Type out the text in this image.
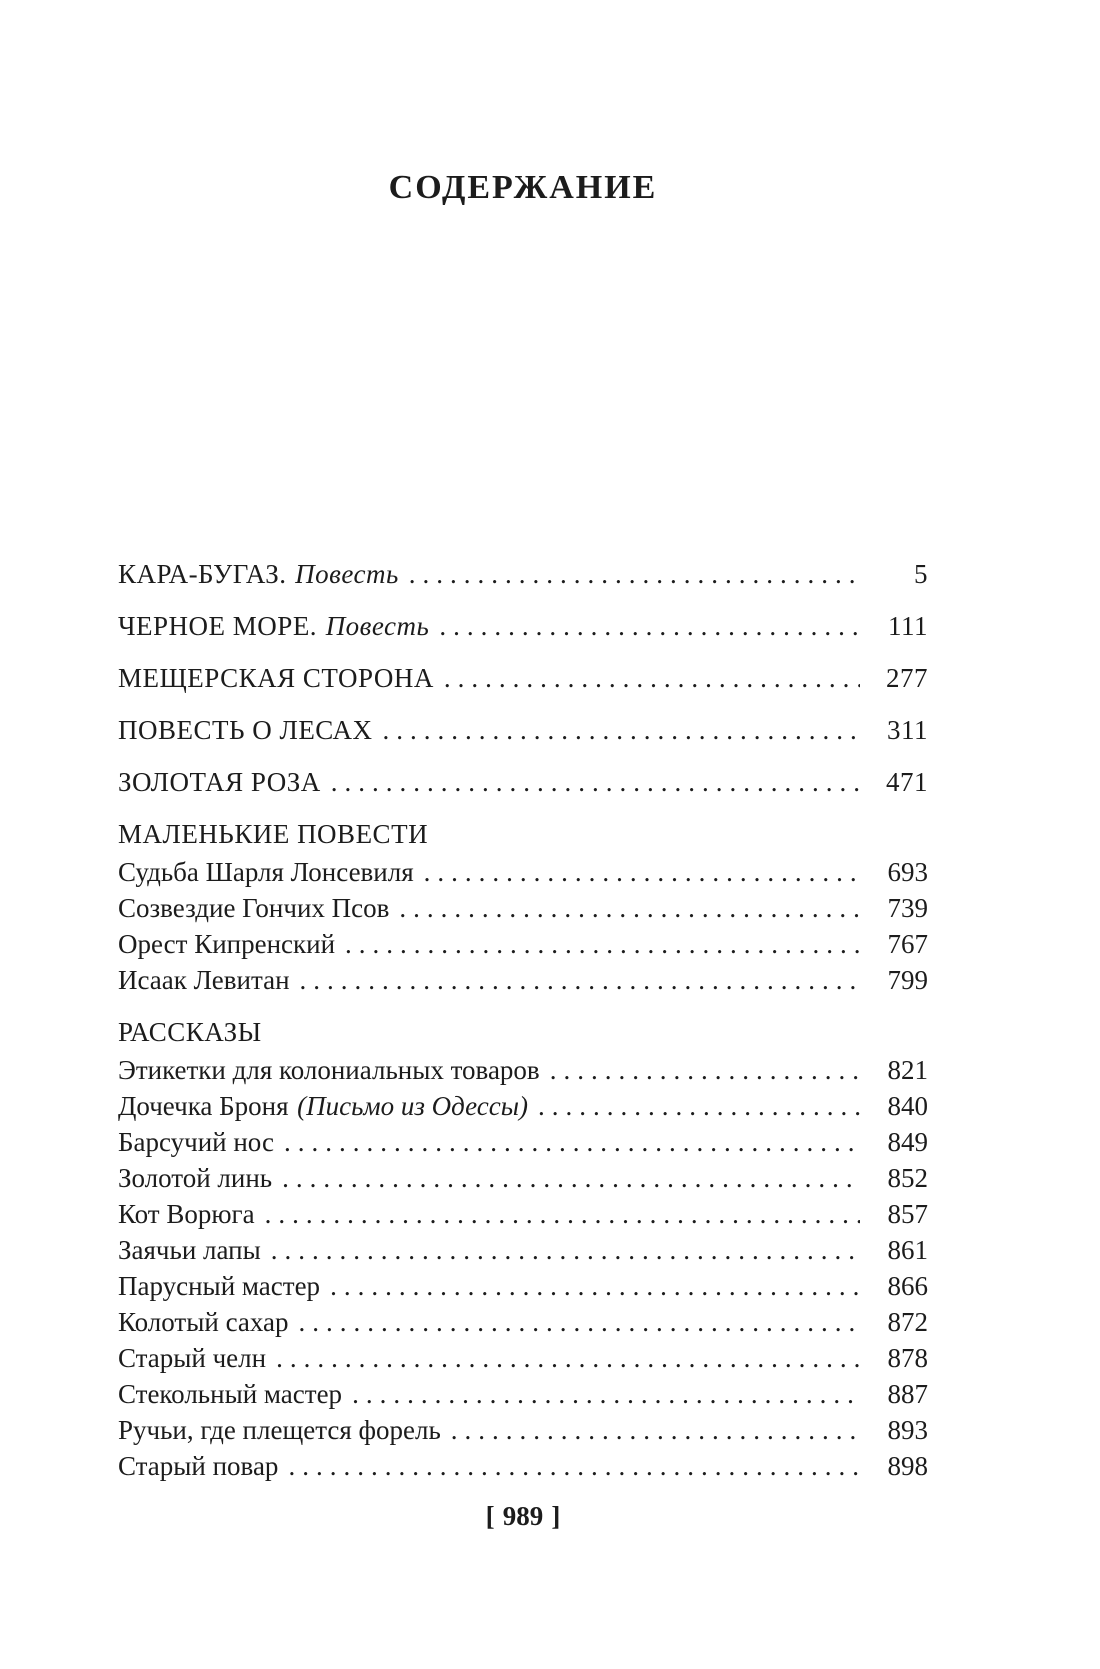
СОДЕРЖАНИЕ
КАРА-БУГАЗ. Повесть .....	5
ЧЕРНОЕ МОРЕ. Повесть .....	111
МЕЩЕРСКАЯ СТОРОНА .....	277
ПОВЕСТЬ О ЛЕСАХ .....	311
ЗОЛОТАЯ РОЗА .....	471
МАЛЕНЬКИЕ ПОВЕСТИ
Судьба Шарля Лонсевиля .....	693
Созвездие Гончих Псов .....	739
Орест Кипренский .....	767
Исаак Левитан .....	799
РАССКАЗЫ
Этикетки для колониальных товаров .....	821
Дочечка Броня (Письмо из Одессы) .....	840
Барсучий нос .....	849
Золотой линь .....	852
Кот Ворюга .....	857
Заячьи лапы .....	861
Парусный мастер .....	866
Колотый сахар .....	872
Старый челн .....	878
Стекольный мастер .....	887
Ручьи, где плещется форель .....	893
Старый повар .....	898
[ 989 ]
